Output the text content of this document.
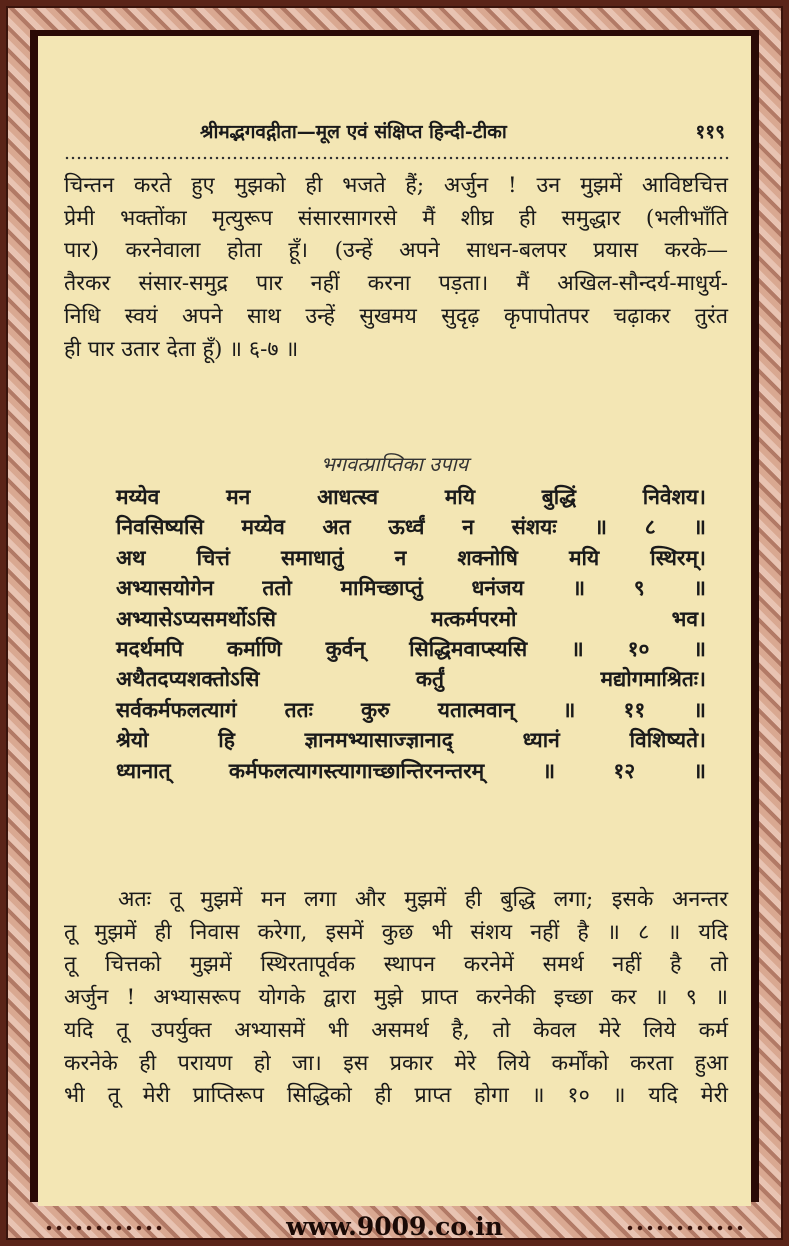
श्रीमद्भगवद्गीता—मूल एवं संक्षिप्त हिन्दी-टीका	११९
चिन्तन करते हुए मुझको ही भजते हैं; अर्जुन ! उन मुझमें आविष्टचित्त
प्रेमी भक्तोंका मृत्युरूप संसारसागरसे मैं शीघ्र ही समुद्धार (भलीभाँति
पार) करनेवाला होता हूँ। (उन्हें अपने साधन-बलपर प्रयास करके—
तैरकर संसार-समुद्र पार नहीं करना पड़ता। मैं अखिल-सौन्दर्य-माधुर्य-
निधि स्वयं अपने साथ उन्हें सुखमय सुदृढ़ कृपापोतपर चढ़ाकर तुरंत
ही पार उतार देता हूँ) ॥ ६-७ ॥
भगवत्प्राप्तिका उपाय
मय्येव मन आधत्स्व मयि बुद्धिं निवेशय।
निवसिष्यसि मय्येव अत ऊर्ध्वं न संशयः ॥ ८ ॥
अथ चित्तं समाधातुं न शक्नोषि मयि स्थिरम्।
अभ्यासयोगेन ततो मामिच्छाप्तुं धनंजय ॥ ९ ॥
अभ्यासेऽप्यसमर्थोऽसि मत्कर्मपरमो भव।
मदर्थमपि कर्माणि कुर्वन् सिद्धिमवाप्स्यसि ॥ १० ॥
अथैतदप्यशक्तोऽसि कर्तुं मद्योगमाश्रितः।
सर्वकर्मफलत्यागं ततः कुरु यतात्मवान् ॥ ११ ॥
श्रेयो हि ज्ञानमभ्यासाज्ज्ञानाद् ध्यानं विशिष्यते।
ध्यानात् कर्मफलत्यागस्त्यागाच्छान्तिरनन्तरम् ॥ १२ ॥
अतः तू मुझमें मन लगा और मुझमें ही बुद्धि लगा; इसके अनन्तर
तू मुझमें ही निवास करेगा, इसमें कुछ भी संशय नहीं है ॥ ८ ॥ यदि
तू चित्तको मुझमें स्थिरतापूर्वक स्थापन करनेमें समर्थ नहीं है तो
अर्जुन ! अभ्यासरूप योगके द्वारा मुझे प्राप्त करनेकी इच्छा कर ॥ ९ ॥
यदि तू उपर्युक्त अभ्यासमें भी असमर्थ है, तो केवल मेरे लिये कर्म
करनेके ही परायण हो जा। इस प्रकार मेरे लिये कर्मोंको करता हुआ
भी तू मेरी प्राप्तिरूप सिद्धिको ही प्राप्त होगा ॥ १० ॥ यदि मेरी
www.9009.co.in
